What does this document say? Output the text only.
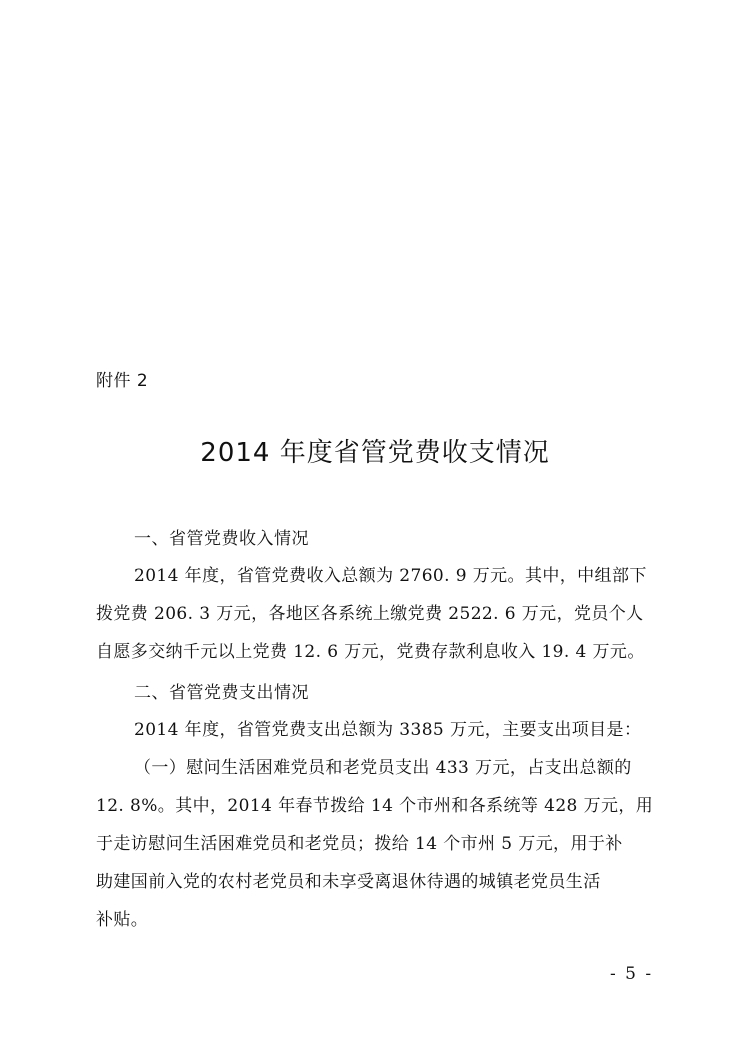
附件 2
2014 年度省管党费收支情况
一、省管党费收入情况
2014 年度，省管党费收入总额为 2760. 9 万元。其中，中组部下
拨党费 206. 3 万元，各地区各系统上缴党费 2522. 6 万元，党员个人
自愿多交纳千元以上党费 12. 6 万元，党费存款利息收入 19. 4 万元。
二、省管党费支出情况
2014 年度，省管党费支出总额为 3385 万元，主要支出项目是：
（一）慰问生活困难党员和老党员支出 433 万元，占支出总额的
12. 8%。其中，2014 年春节拨给 14 个市州和各系统等 428 万元，用
于走访慰问生活困难党员和老党员；拨给 14 个市州 5 万元，用于补
助建国前入党的农村老党员和未享受离退休待遇的城镇老党员生活
补贴。
- 5 -
